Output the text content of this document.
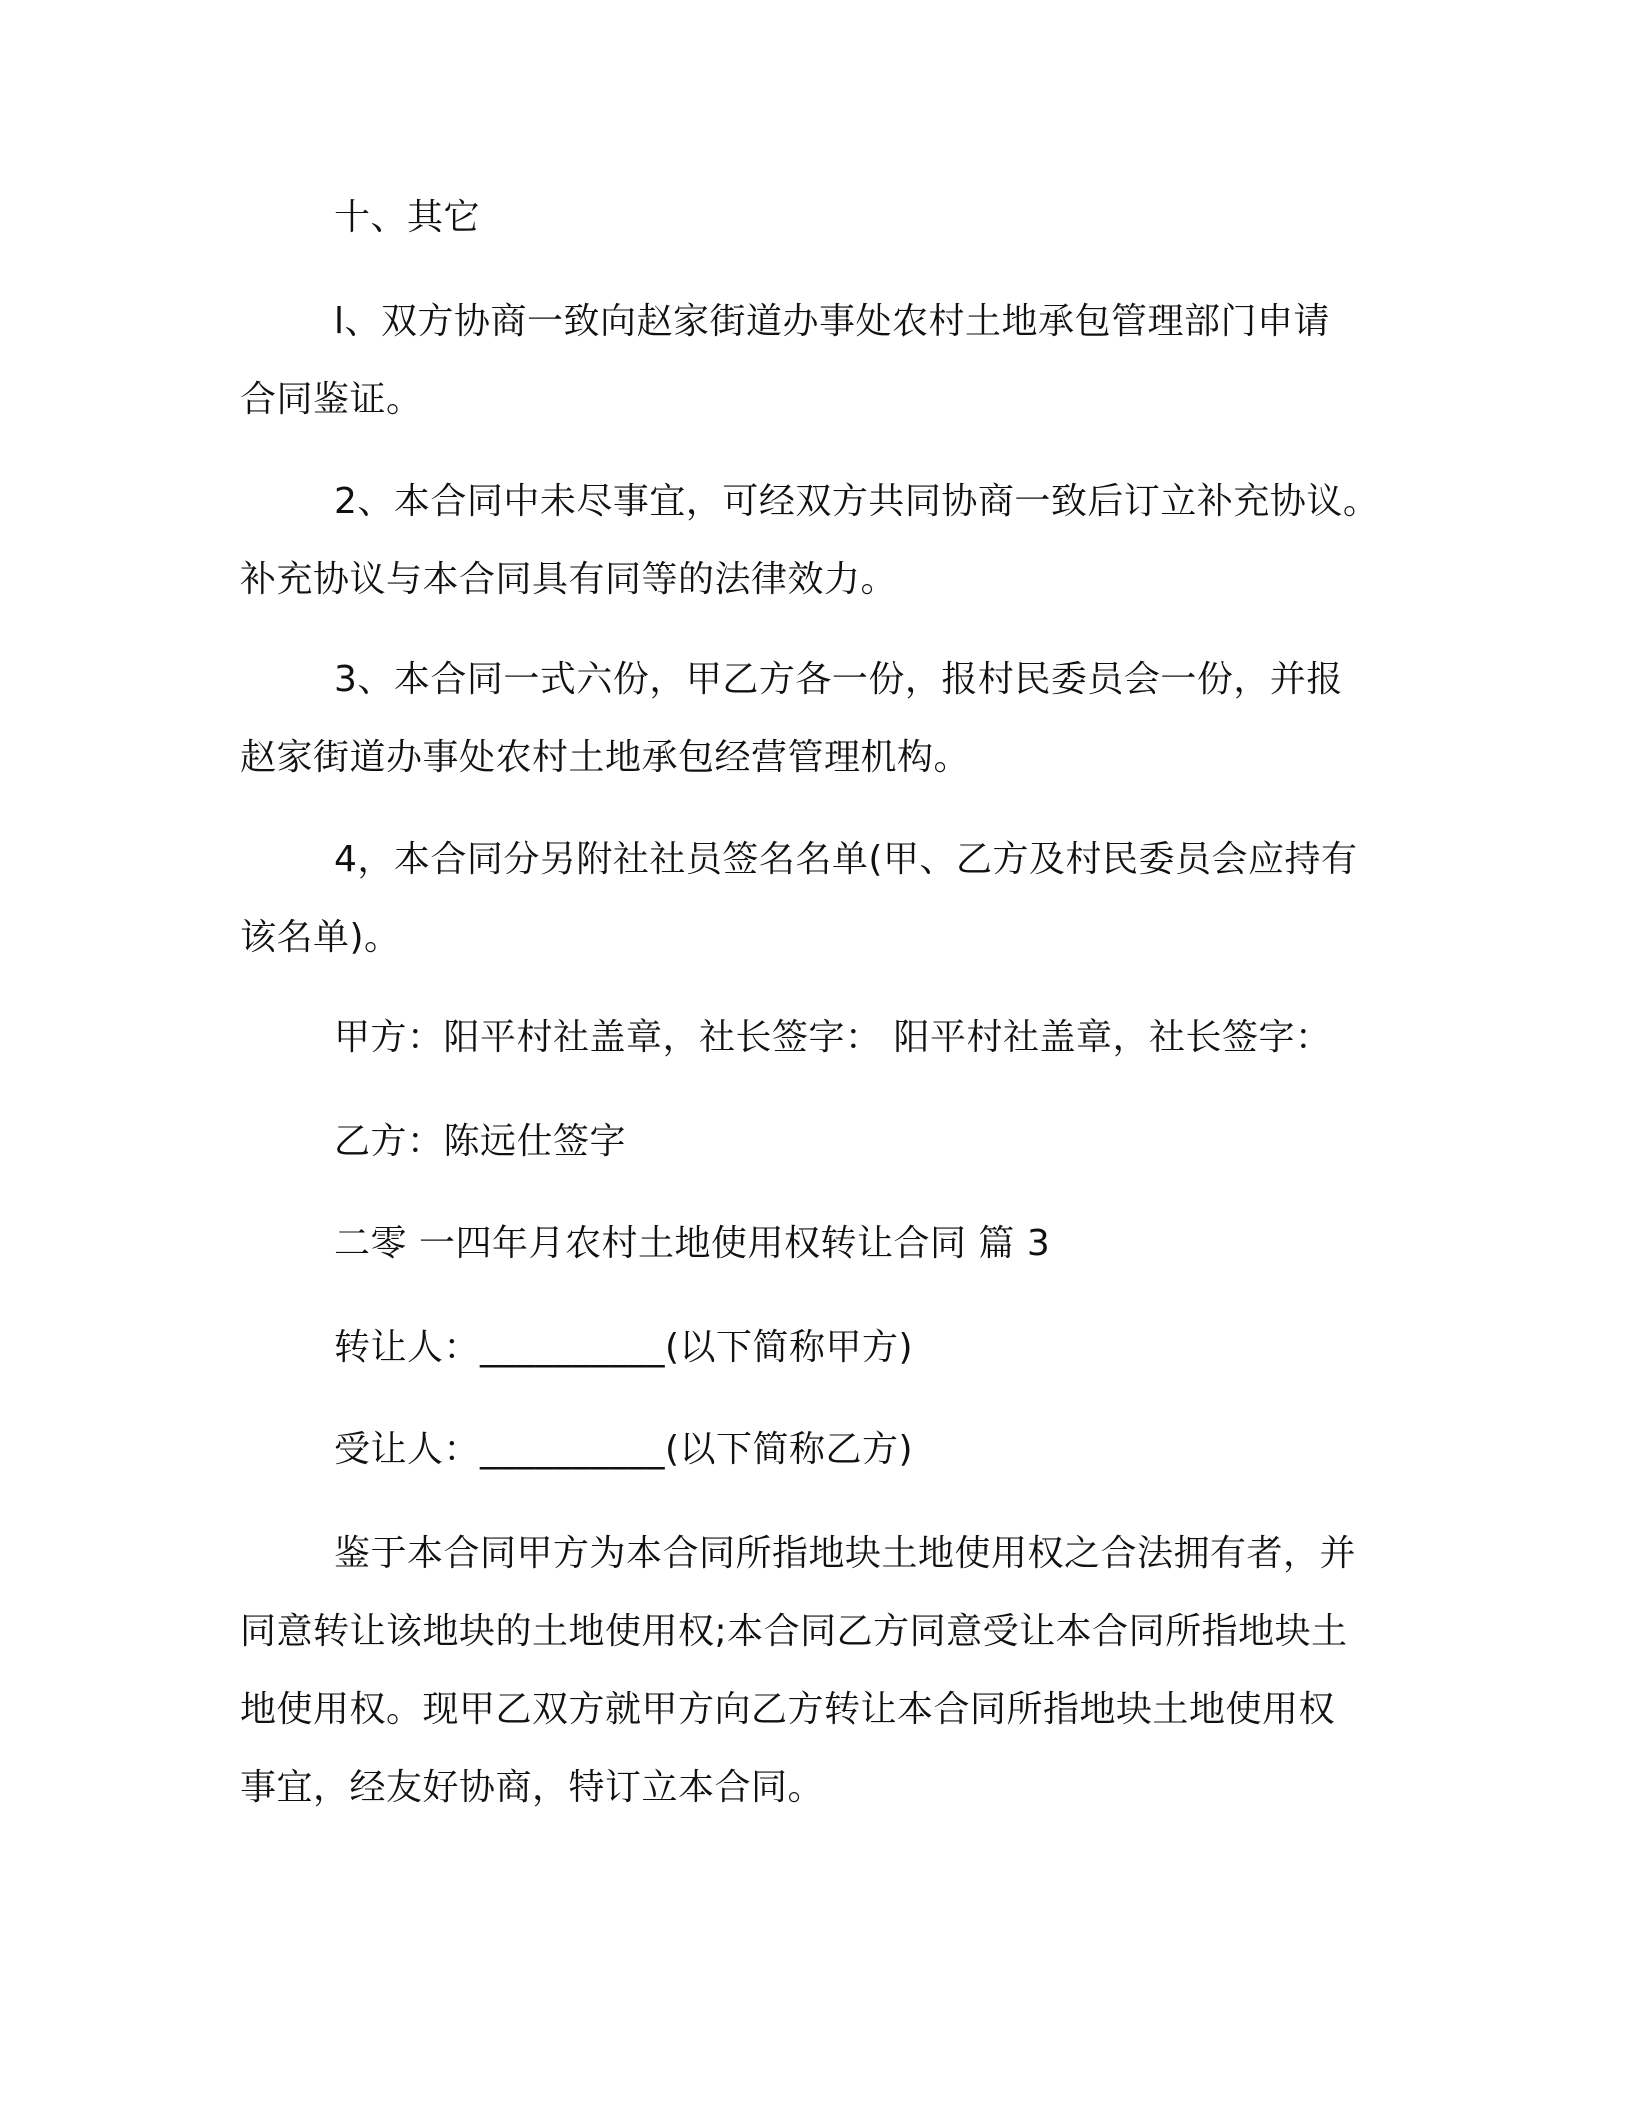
十、其它
l、双方协商一致向赵家街道办事处农村土地承包管理部门申请
合同鉴证。
2、本合同中未尽事宜，可经双方共同协商一致后订立补充协议。
补充协议与本合同具有同等的法律效力。
3、本合同一式六份，甲乙方各一份，报村民委员会一份，并报
赵家街道办事处农村土地承包经营管理机构。
4，本合同分另附社社员签名名单(甲、乙方及村民委员会应持有
该名单)。
甲方：阳平村社盖章，社长签字： 阳平村社盖章，社长签字：
乙方：陈远仕签字
二零 一四年月农村土地使用权转让合同 篇 3
转让人：__________(以下简称甲方)
受让人：__________(以下简称乙方)
鉴于本合同甲方为本合同所指地块土地使用权之合法拥有者，并
同意转让该地块的土地使用权;本合同乙方同意受让本合同所指地块土
地使用权。现甲乙双方就甲方向乙方转让本合同所指地块土地使用权
事宜，经友好协商，特订立本合同。
